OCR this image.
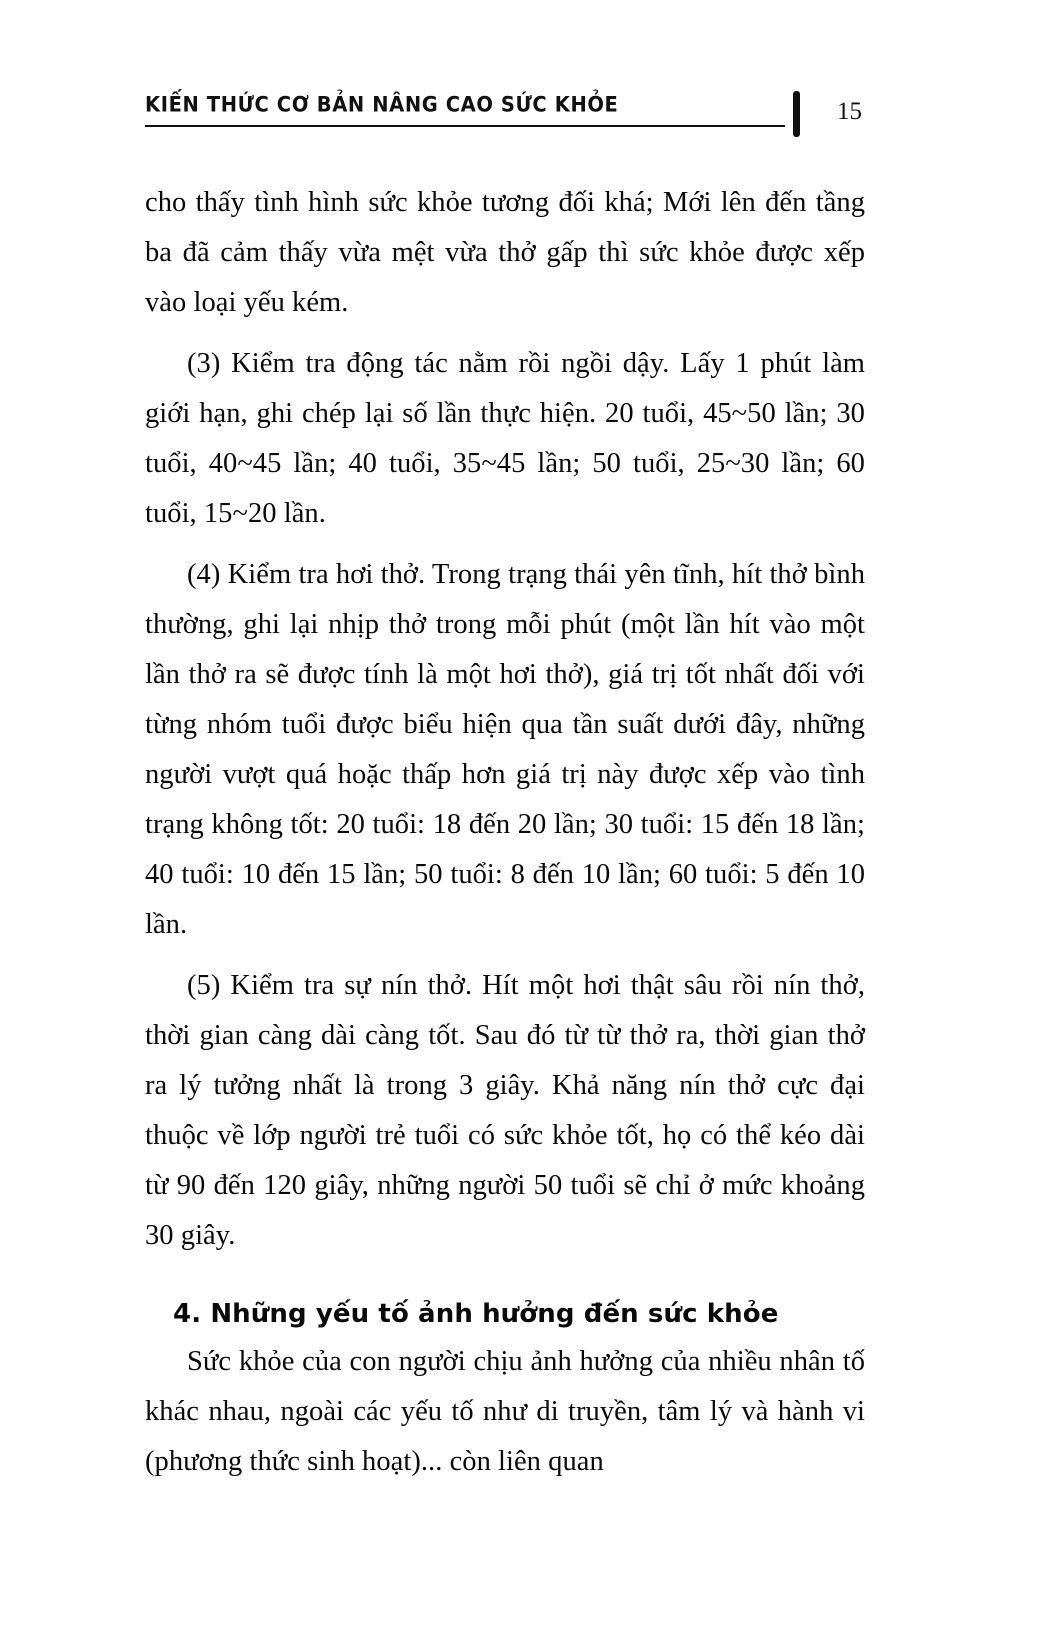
KIẾN THỨC CƠ BẢN NÂNG CAO SỨC KHỎE	15

cho thấy tình hình sức khỏe tương đối khá; Mới lên đến tầng ba đã cảm thấy vừa mệt vừa thở gấp thì sức khỏe được xếp vào loại yếu kém.

(3) Kiểm tra động tác nằm rồi ngồi dậy. Lấy 1 phút làm giới hạn, ghi chép lại số lần thực hiện. 20 tuổi, 45~50 lần; 30 tuổi, 40~45 lần; 40 tuổi, 35~45 lần; 50 tuổi, 25~30 lần; 60 tuổi, 15~20 lần.

(4) Kiểm tra hơi thở. Trong trạng thái yên tĩnh, hít thở bình thường, ghi lại nhịp thở trong mỗi phút (một lần hít vào một lần thở ra sẽ được tính là một hơi thở), giá trị tốt nhất đối với từng nhóm tuổi được biểu hiện qua tần suất dưới đây, những người vượt quá hoặc thấp hơn giá trị này được xếp vào tình trạng không tốt: 20 tuổi: 18 đến 20 lần; 30 tuổi: 15 đến 18 lần; 40 tuổi: 10 đến 15 lần; 50 tuổi: 8 đến 10 lần; 60 tuổi: 5 đến 10 lần.

(5) Kiểm tra sự nín thở. Hít một hơi thật sâu rồi nín thở, thời gian càng dài càng tốt. Sau đó từ từ thở ra, thời gian thở ra lý tưởng nhất là trong 3 giây. Khả năng nín thở cực đại thuộc về lớp người trẻ tuổi có sức khỏe tốt, họ có thể kéo dài từ 90 đến 120 giây, những người 50 tuổi sẽ chỉ ở mức khoảng 30 giây.

4. Những yếu tố ảnh hưởng đến sức khỏe

Sức khỏe của con người chịu ảnh hưởng của nhiều nhân tố khác nhau, ngoài các yếu tố như di truyền, tâm lý và hành vi (phương thức sinh hoạt)... còn liên quan
